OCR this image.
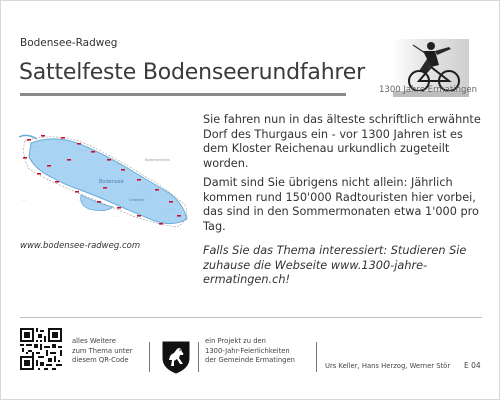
Bodensee-Radweg
Sattelfeste Bodenseerundfahrer
1300 Jahre Ermatingen
·······
·······
·······
·······
······
······
······
······
······
······
······
Bodensee
Untersee
Bodenseekreis
www.bodensee-radweg.com

Sie fahren nun in das älteste schriftlich erwähnte Dorf des Thurgaus ein - vor 1300 Jahren ist es dem Kloster Reichenau urkundlich zugeteilt worden.

Damit sind Sie übrigens nicht allein: Jährlich kommen rund 150'000 Radtouristen hier vorbei, das sind in den Sommermonaten etwa 1'000 pro Tag.

Falls Sie das Thema interessiert: Studieren Sie zuhause die Webseite www.1300-jahre-ermatingen.ch!

alles Weitere
zum Thema unter
diesem QR-Code
ein Projekt zu den
1300-Jahr-Feierlichkeiten
der Gemeinde Ermatingen
Urs Keller, Hans Herzog, Werner Stör E 04
